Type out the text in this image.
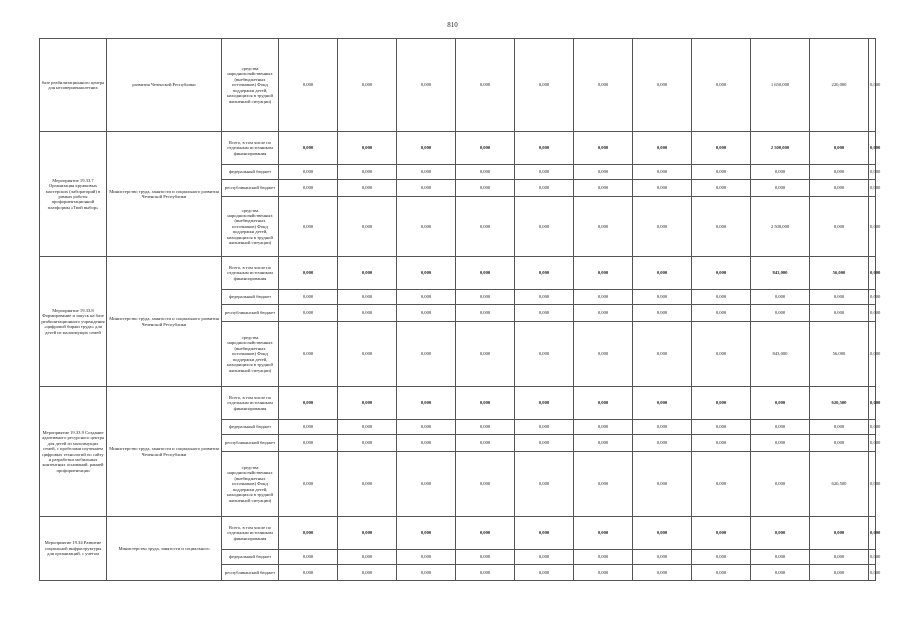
810
базе реабилитационного центра для несовершеннолетних	развития Чеченской Республики	средства народнохозяйственных (внебюджетных источников) Фонд поддержки детей, находящихся в трудной жизненной ситуации)	0,000	0,000	0,000	0,000	0,000	0,000	0,000	0,000	1 650,000	220,000	0,000
Мероприятие 19.33.7 Организация кружковых мастерских (лабораторий) в рамках работы профориентационной платформы «Твой выбор»	Министерство труда, занятости и социального развития Чеченской Республики	Всего, в том числе по отдельным источникам финансирования	0,000	0,000	0,000	0,000	0,000	0,000	0,000	0,000	2 500,000	0,000	0,000
		федеральный бюджет	0,000	0,000	0,000	0,000	0,000	0,000	0,000	0,000	0,000	0,000	0,000
		республиканский бюджет	0,000	0,000	0,000	0,000	0,000	0,000	0,000	0,000	0,000	0,000	0,000
		средства народнохозяйственных (внебюджетных источников) Фонд поддержки детей, находящихся в трудной жизненной ситуации)	0,000	0,000	0,000	0,000	0,000	0,000	0,000	0,000	2 500,000	0,000	0,000
Мероприятие 19.33.8 Формирование и запуск на базе реабилитационного учреждения «цифровой биржи труда» для детей из малоимущих семей	Министерство труда, занятости и социального развития Чеченской Республики	Всего, в том числе по отдельным источникам финансирования	0,000	0,000	0,000	0,000	0,000	0,000	0,000	0,000	843,000	56,000	0,000
		федеральный бюджет	0,000	0,000	0,000	0,000	0,000	0,000	0,000	0,000	0,000	0,000	0,000
		республиканский бюджет	0,000	0,000	0,000	0,000	0,000	0,000	0,000	0,000	0,000	0,000	0,000
		средства народнохозяйственных (внебюджетных источников) Фонд поддержки детей, находящихся в трудной жизненной ситуации)	0,000	0,000	0,000	0,000	0,000	0,000	0,000	0,000	843,000	56,000	0,000
Мероприятие 19.33.9 Создание адаптивного ресурсного центра для детей из малоимущих семей, с пробелами изучением цифровых технологий по сайту и разработки мобильных контентных оснований, ранней профориентации	Министерство труда, занятости и социального развития Чеченской Республики	Всего, в том числе по отдельным источникам финансирования	0,000	0,000	0,000	0,000	0,000	0,000	0,000	0,000	0,000	620,500	0,000
		федеральный бюджет	0,000	0,000	0,000	0,000	0,000	0,000	0,000	0,000	0,000	0,000	0,000
		республиканский бюджет	0,000	0,000	0,000	0,000	0,000	0,000	0,000	0,000	0,000	0,000	0,000
		средства народнохозяйственных (внебюджетных источников) Фонд поддержки детей, находящихся в трудной жизненной ситуации)	0,000	0,000	0,000	0,000	0,000	0,000	0,000	0,000	0,000	620,500	0,000
Мероприятие 19.34 Развитие социальной инфраструктуры для организаций, с учетом	Министерство труда, занятости и социального	Всего, в том числе по отдельным источникам финансирования	0,000	0,000	0,000	0,000	0,000	0,000	0,000	0,000	0,000	0,000	0,000
		федеральный бюджет	0,000	0,000	0,000	0,000	0,000	0,000	0,000	0,000	0,000	0,000	0,000
		республиканский бюджет	0,000	0,000	0,000	0,000	0,000	0,000	0,000	0,000	0,000	0,000	0,000
